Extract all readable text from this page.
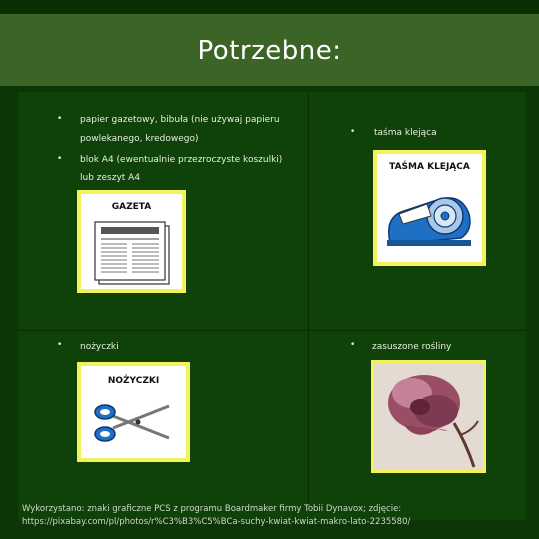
Potrzebne:
• papier gazetowy, bibuła (nie używaj papieru
powlekanego, kredowego)
• blok A4 (ewentualnie przezroczyste koszulki)
lub zeszyt A4
• taśma klejąca
• nożyczki	• zasuszone rośliny
GAZETA
TAŚMA KLEJĄCA
NOŻYCZKI
Wykorzystano: znaki graficzne PCS z programu Boardmaker firmy Tobii Dynavox; zdjęcie:
https://pixabay.com/pl/photos/r%C3%B3%C5%BCa-suchy-kwiat-kwiat-makro-lato-2235580/
